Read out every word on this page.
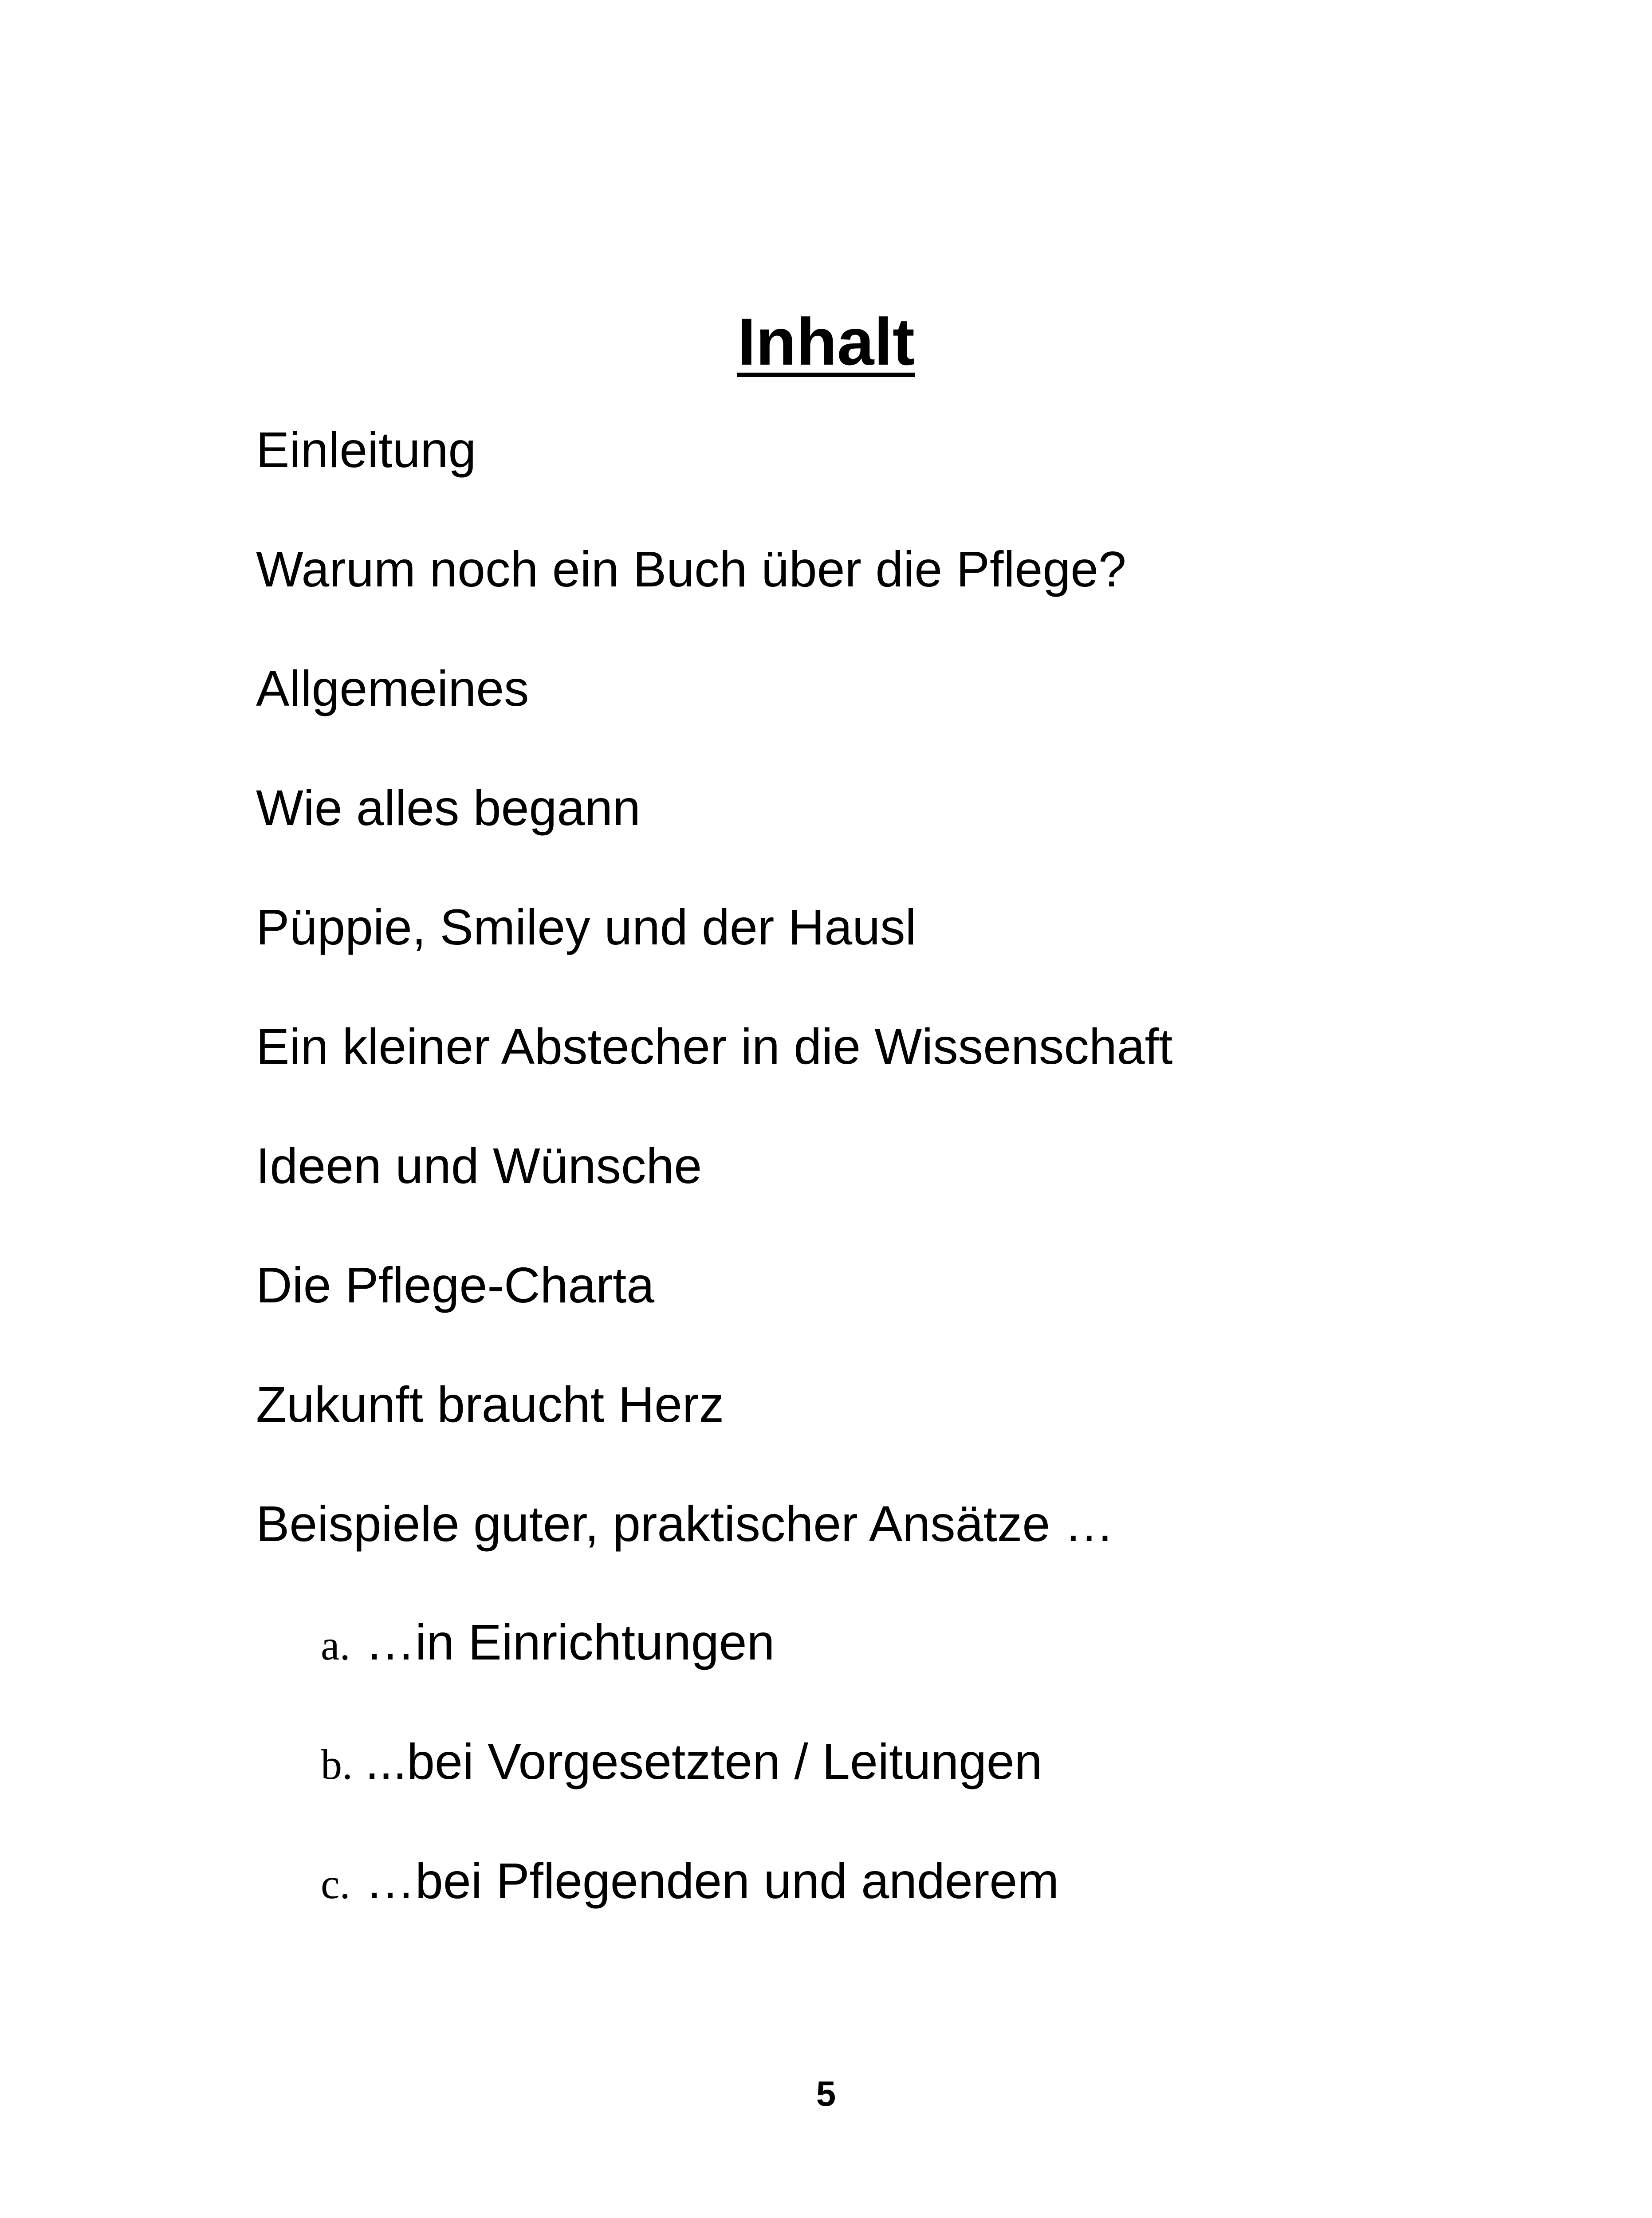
Inhalt
Einleitung
Warum noch ein Buch über die Pflege?
Allgemeines
Wie alles begann
Püppie, Smiley und der Hausl
Ein kleiner Abstecher in die Wissenschaft
Ideen und Wünsche
Die Pflege-Charta
Zukunft braucht Herz
Beispiele guter, praktischer Ansätze …
a. …in Einrichtungen
b. ...bei Vorgesetzten / Leitungen
c. …bei Pflegenden und anderem
5
